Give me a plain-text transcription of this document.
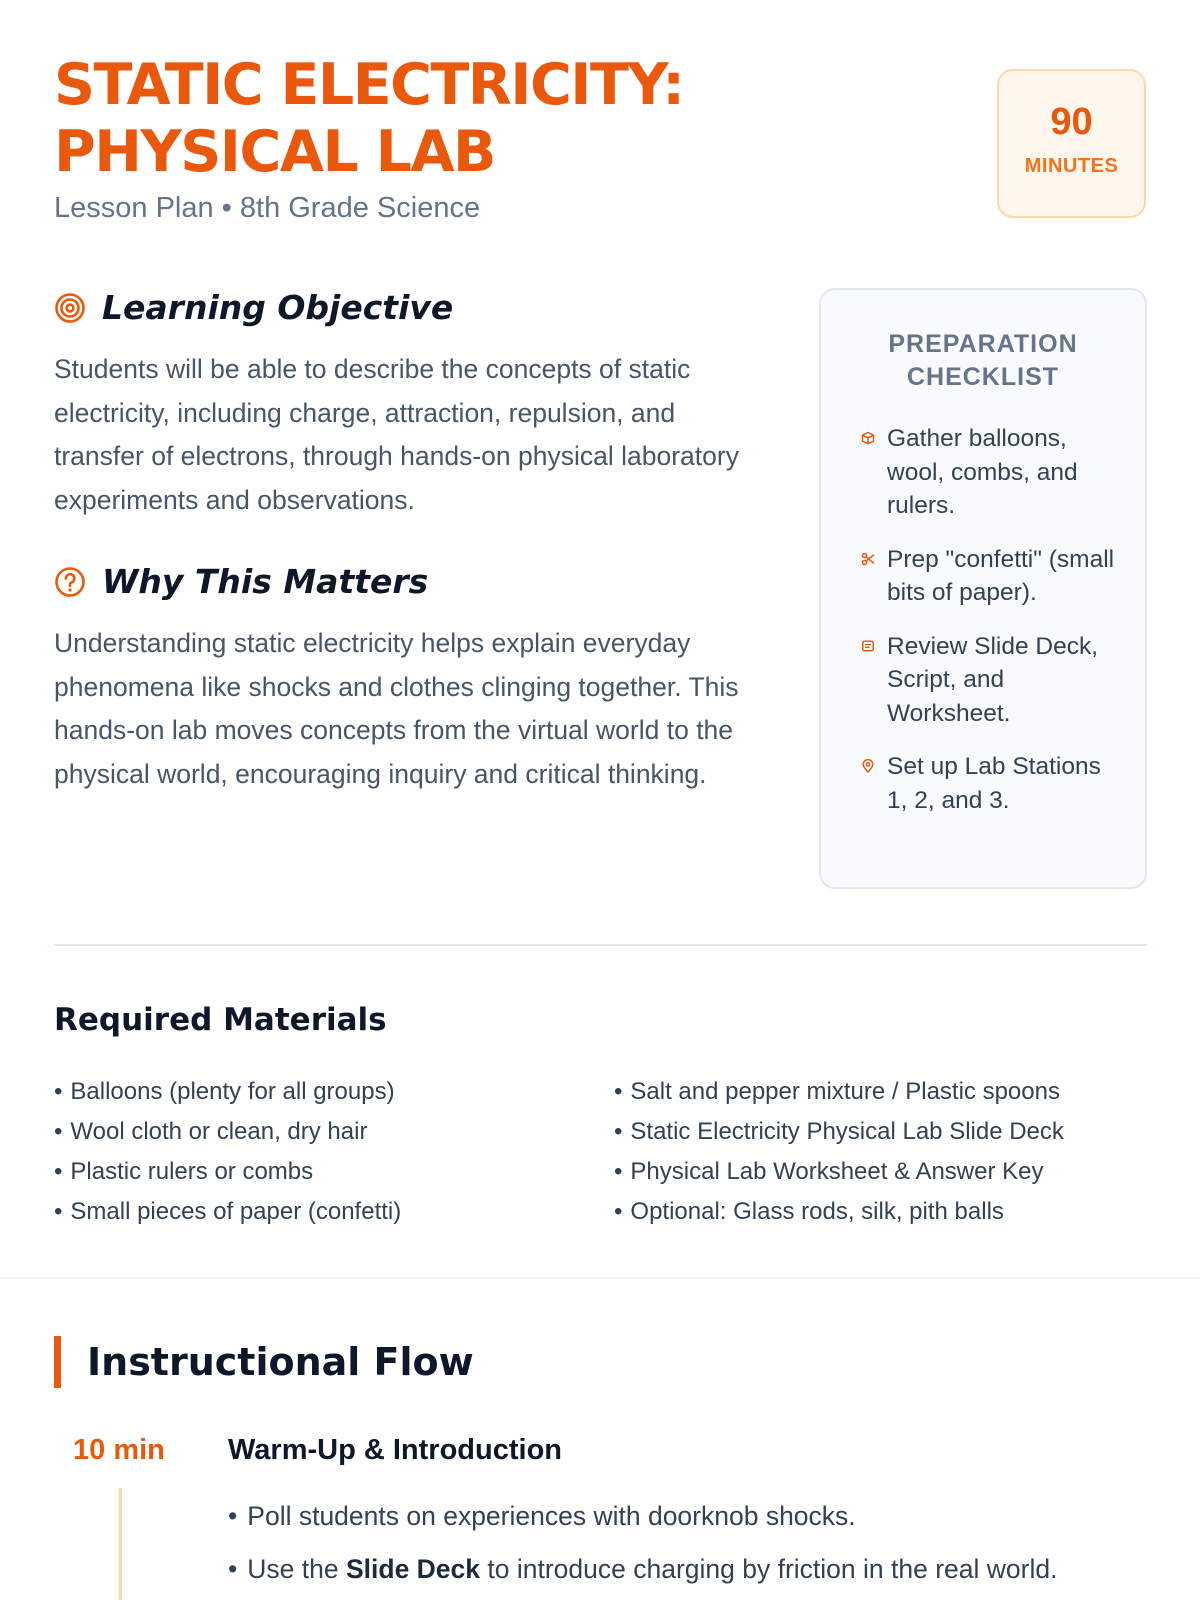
STATIC ELECTRICITY: PHYSICAL LAB

Lesson Plan • 8th Grade Science

90
MINUTES
Learning Objective

Students will be able to describe the concepts of static electricity, including charge, attraction, repulsion, and transfer of electrons, through hands-on physical laboratory experiments and observations.

Why This Matters

Understanding static electricity helps explain everyday phenomena like shocks and clothes clinging together. This hands-on lab moves concepts from the virtual world to the physical world, encouraging inquiry and critical thinking.

PREPARATION CHECKLIST
Gather balloons, wool, combs, and rulers.
Prep "confetti" (small bits of paper).
Review Slide Deck, Script, and Worksheet.
Set up Lab Stations 1, 2, and 3.
Required Materials
• Balloons (plenty for all groups)
• Wool cloth or clean, dry hair
• Plastic rulers or combs
• Small pieces of paper (confetti)
• Salt and pepper mixture / Plastic spoons
• Static Electricity Physical Lab Slide Deck
• Physical Lab Worksheet & Answer Key
• Optional: Glass rods, silk, pith balls
Instructional Flow
10 min Warm-Up & Introduction
• Poll students on experiences with doorknob shocks.
• Use the Slide Deck to introduce charging by friction in the real world.
